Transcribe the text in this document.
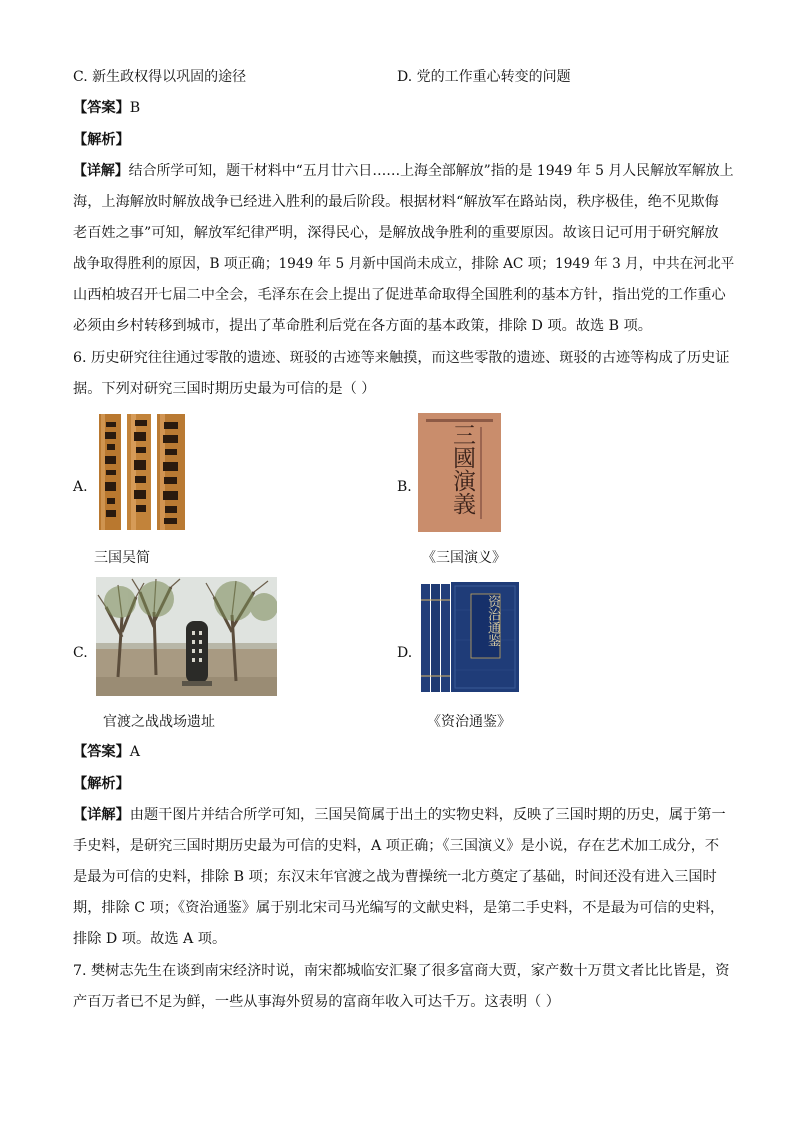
C. 新生政权得以巩固的途径	D. 党的工作重心转变的问题
【答案】B
【解析】
【详解】结合所学可知，题干材料中“五月廿六日……上海全部解放”指的是 1949 年 5 月人民解放军解放上
海，上海解放时解放战争已经进入胜利的最后阶段。根据材料“解放军在路站岗，秩序极佳，绝不见欺侮
老百姓之事”可知，解放军纪律严明，深得民心，是解放战争胜利的重要原因。故该日记可用于研究解放
战争取得胜利的原因，B 项正确；1949 年 5 月新中国尚未成立，排除 AC 项；1949 年 3 月，中共在河北平
山西柏坡召开七届二中全会，毛泽东在会上提出了促进革命取得全国胜利的基本方针，指出党的工作重心
必须由乡村转移到城市，提出了革命胜利后党在各方面的基本政策，排除 D 项。故选 B 项。
6. 历史研究往往通过零散的遗迹、斑驳的古迹等来触摸，而这些零散的遗迹、斑驳的古迹等构成了历史证
据。下列对研究三国时期历史最为可信的是（ ）
A.
三国吴简
B.	三國演義
《三国演义》
C.
官渡之战战场遗址
D.
资治通鉴
《资治通鉴》
【答案】A
【解析】
【详解】由题干图片并结合所学可知，三国吴简属于出土的实物史料，反映了三国时期的历史，属于第一
手史料，是研究三国时期历史最为可信的史料，A 项正确；《三国演义》是小说，存在艺术加工成分，不
是最为可信的史料，排除 B 项；东汉末年官渡之战为曹操统一北方奠定了基础，时间还没有进入三国时
期，排除 C 项；《资治通鉴》属于别北宋司马光编写的文献史料，是第二手史料，不是最为可信的史料，
排除 D 项。故选 A 项。
7. 樊树志先生在谈到南宋经济时说，南宋都城临安汇聚了很多富商大贾，家产数十万贯文者比比皆是，资
产百万者已不足为鲜，一些从事海外贸易的富商年收入可达千万。这表明（ ）
